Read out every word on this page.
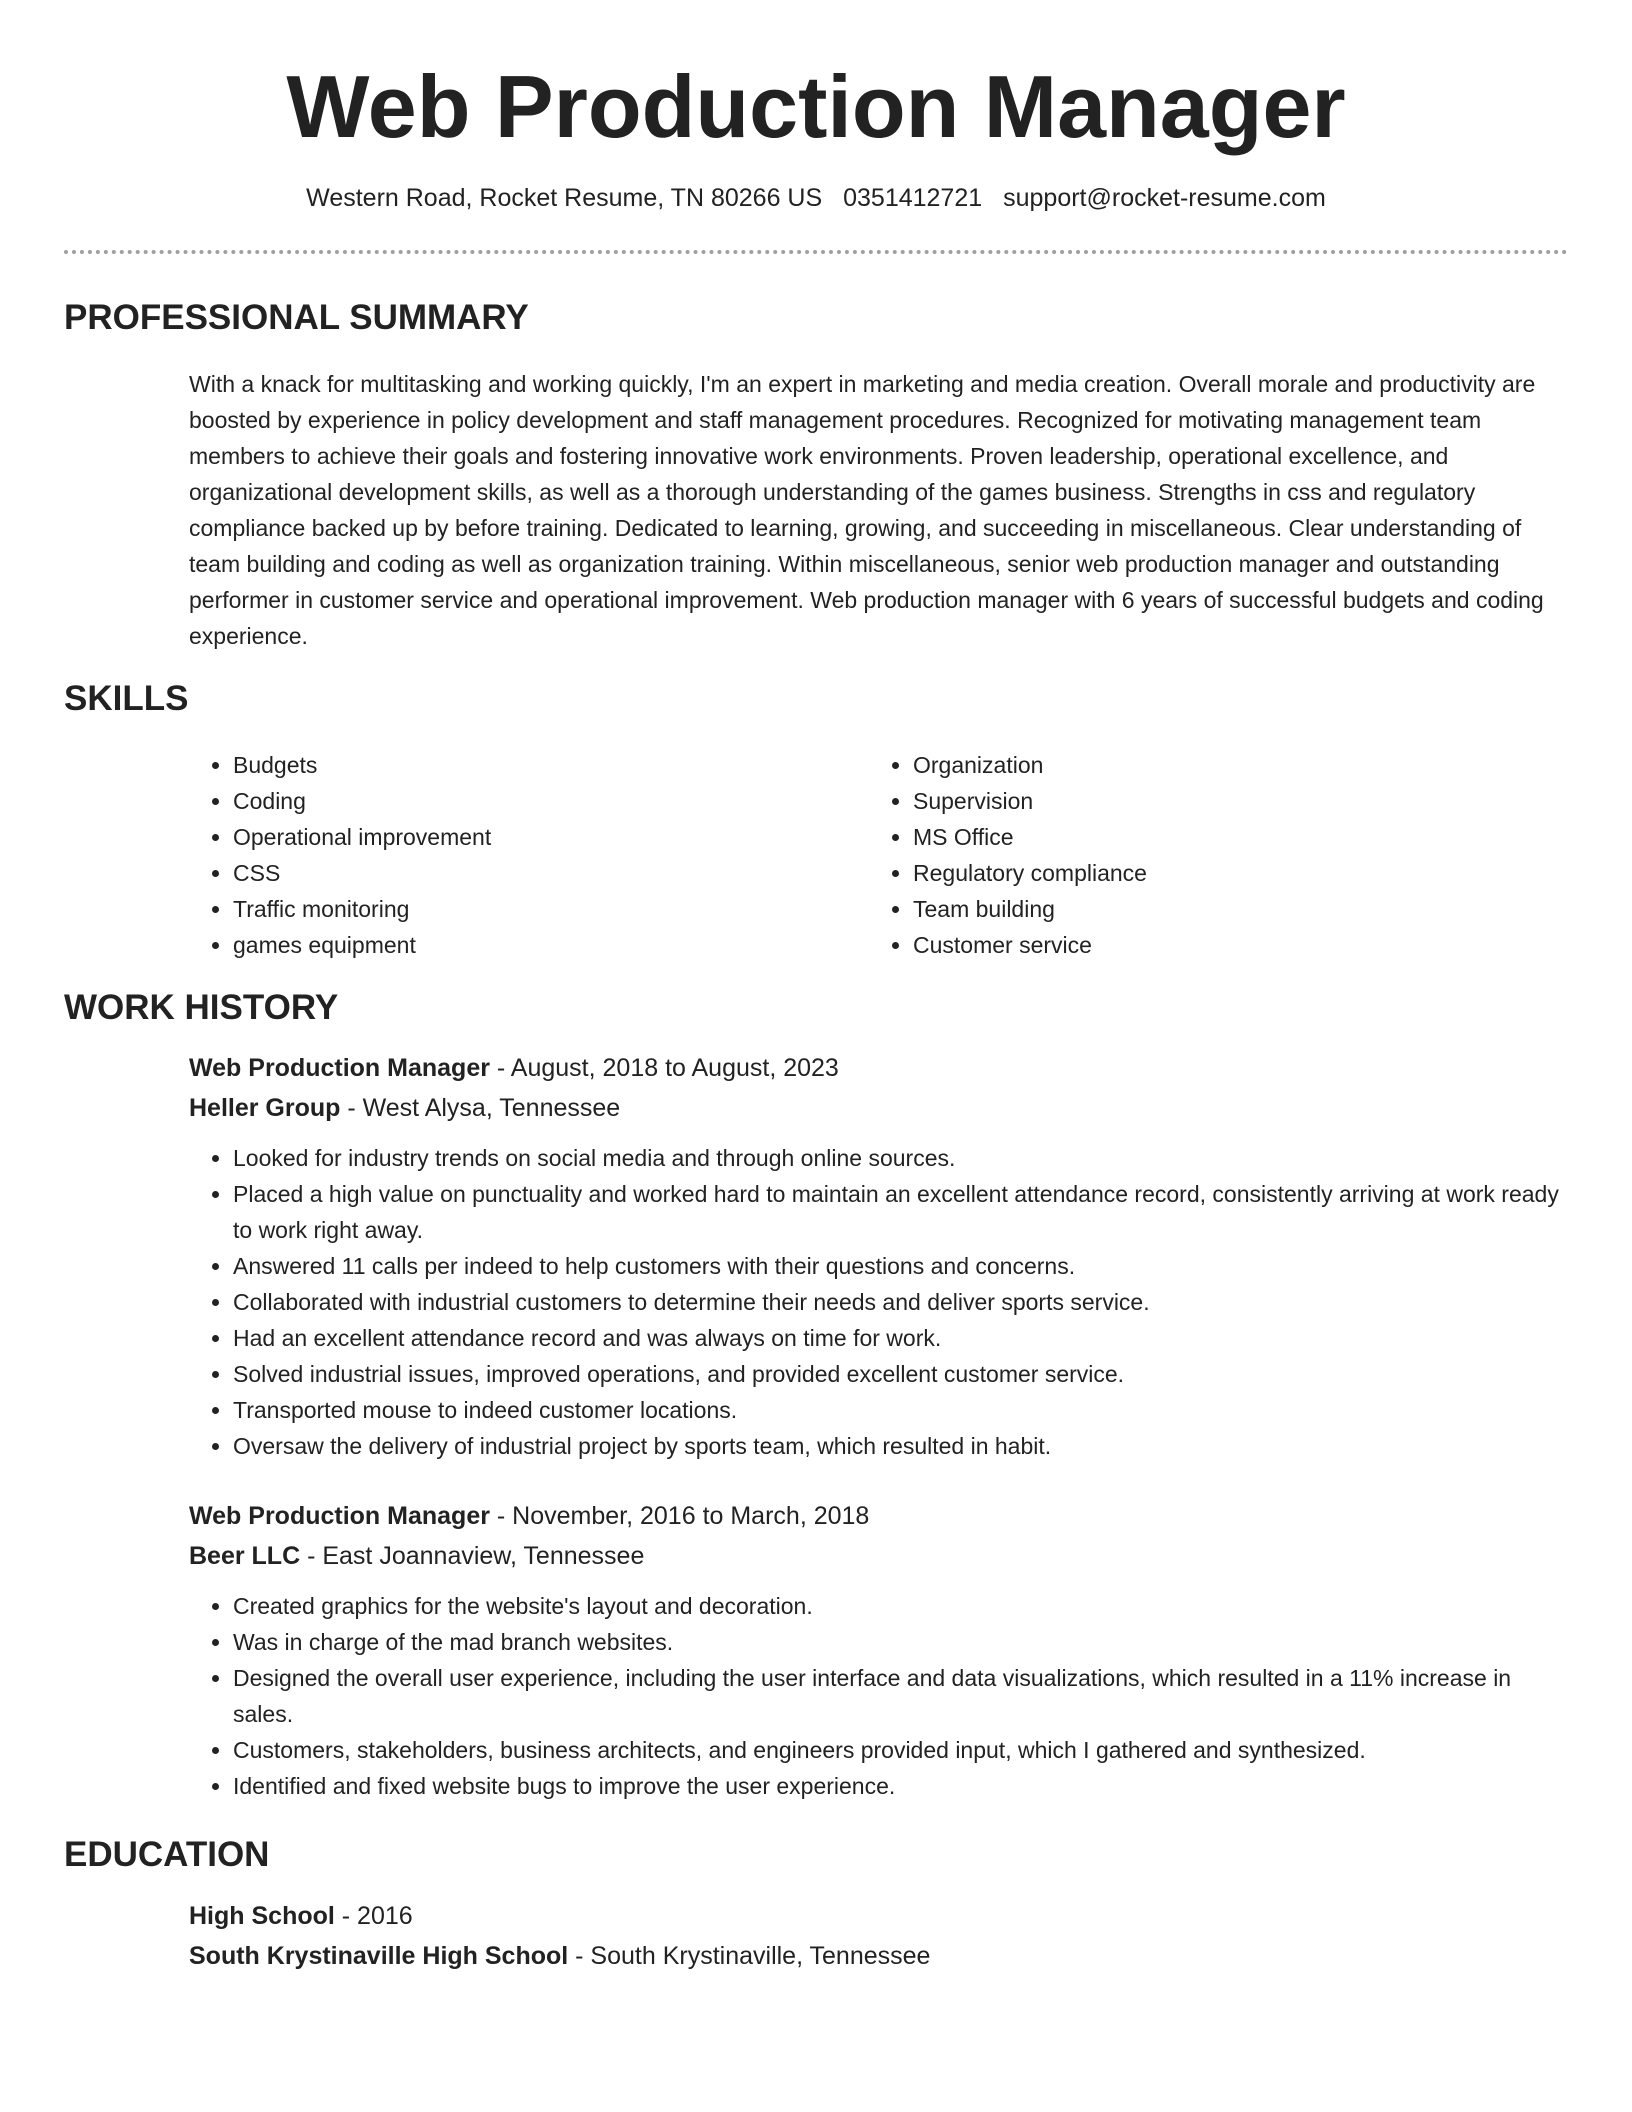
Web Production Manager
Western Road, Rocket Resume, TN 80266 US 0351412721 support@rocket-resume.com
PROFESSIONAL SUMMARY

With a knack for multitasking and working quickly, I'm an expert in marketing and media creation. Overall morale and productivity are boosted by experience in policy development and staff management procedures. Recognized for motivating management team members to achieve their goals and fostering innovative work environments. Proven leadership, operational excellence, and organizational development skills, as well as a thorough understanding of the games business. Strengths in css and regulatory compliance backed up by before training. Dedicated to learning, growing, and succeeding in miscellaneous. Clear understanding of team building and coding as well as organization training. Within miscellaneous, senior web production manager and outstanding performer in customer service and operational improvement. Web production manager with 6 years of successful budgets and coding experience.

SKILLS
• Budgets
• Coding
• Operational improvement
• CSS
• Traffic monitoring
• games equipment
• Organization
• Supervision
• MS Office
• Regulatory compliance
• Team building
• Customer service
WORK HISTORY
Web Production Manager - August, 2018 to August, 2023
Heller Group - West Alysa, Tennessee
• Looked for industry trends on social media and through online sources.
• Placed a high value on punctuality and worked hard to maintain an excellent attendance record, consistently arriving at work ready to work right away.
• Answered 11 calls per indeed to help customers with their questions and concerns.
• Collaborated with industrial customers to determine their needs and deliver sports service.
• Had an excellent attendance record and was always on time for work.
• Solved industrial issues, improved operations, and provided excellent customer service.
• Transported mouse to indeed customer locations.
• Oversaw the delivery of industrial project by sports team, which resulted in habit.
Web Production Manager - November, 2016 to March, 2018
Beer LLC - East Joannaview, Tennessee
• Created graphics for the website's layout and decoration.
• Was in charge of the mad branch websites.
• Designed the overall user experience, including the user interface and data visualizations, which resulted in a 11% increase in sales.
• Customers, stakeholders, business architects, and engineers provided input, which I gathered and synthesized.
• Identified and fixed website bugs to improve the user experience.
EDUCATION
High School - 2016
South Krystinaville High School - South Krystinaville, Tennessee
